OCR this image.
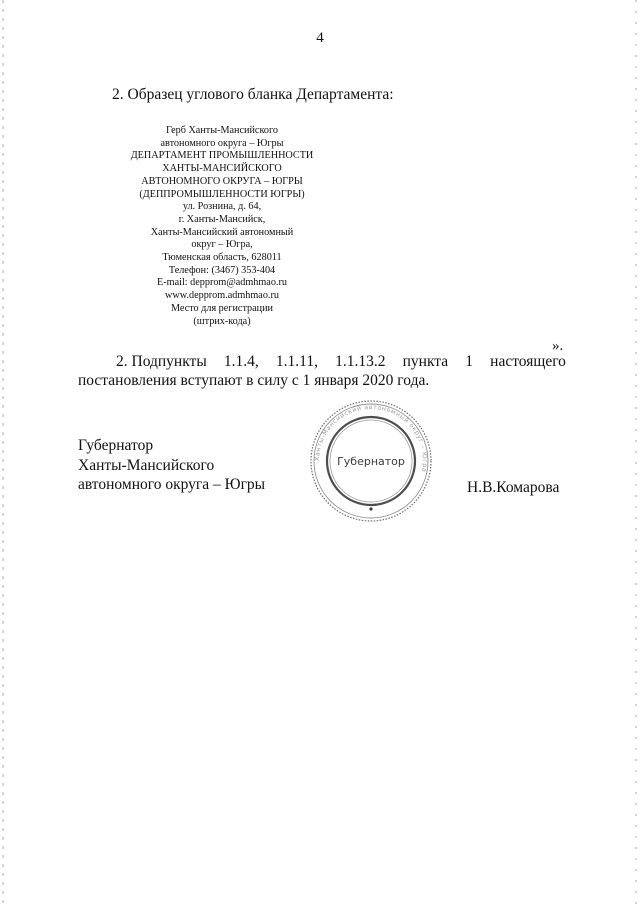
4
2. Образец углового бланка Департамента:
Герб Ханты-Мансийского
автономного округа – Югры
ДЕПАРТАМЕНТ ПРОМЫШЛЕННОСТИ
ХАНТЫ-МАНСИЙСКОГО
АВТОНОМНОГО ОКРУГА – ЮГРЫ
(ДЕППРОМЫШЛЕННОСТИ ЮГРЫ)
ул. Рознина, д. 64,
г. Ханты-Мансийск,
Ханты-Мансийский автономный
округ – Югра,
Тюменская область, 628011
Телефон: (3467) 353-404
E-mail: depprom@admhmao.ru
www.depprom.admhmao.ru
Место для регистрации
(штрих-кода)
».
2. Подпункты 1.1.4, 1.1.11, 1.1.13.2 пункта 1 настоящего
постановления вступают в силу с 1 января 2020 года.
Губернатор
Ханты-Мансийского
автономного округа – Югры	Н.В.Комарова
Ханты-Мансийский автономный округ – Югра
Губернатор
